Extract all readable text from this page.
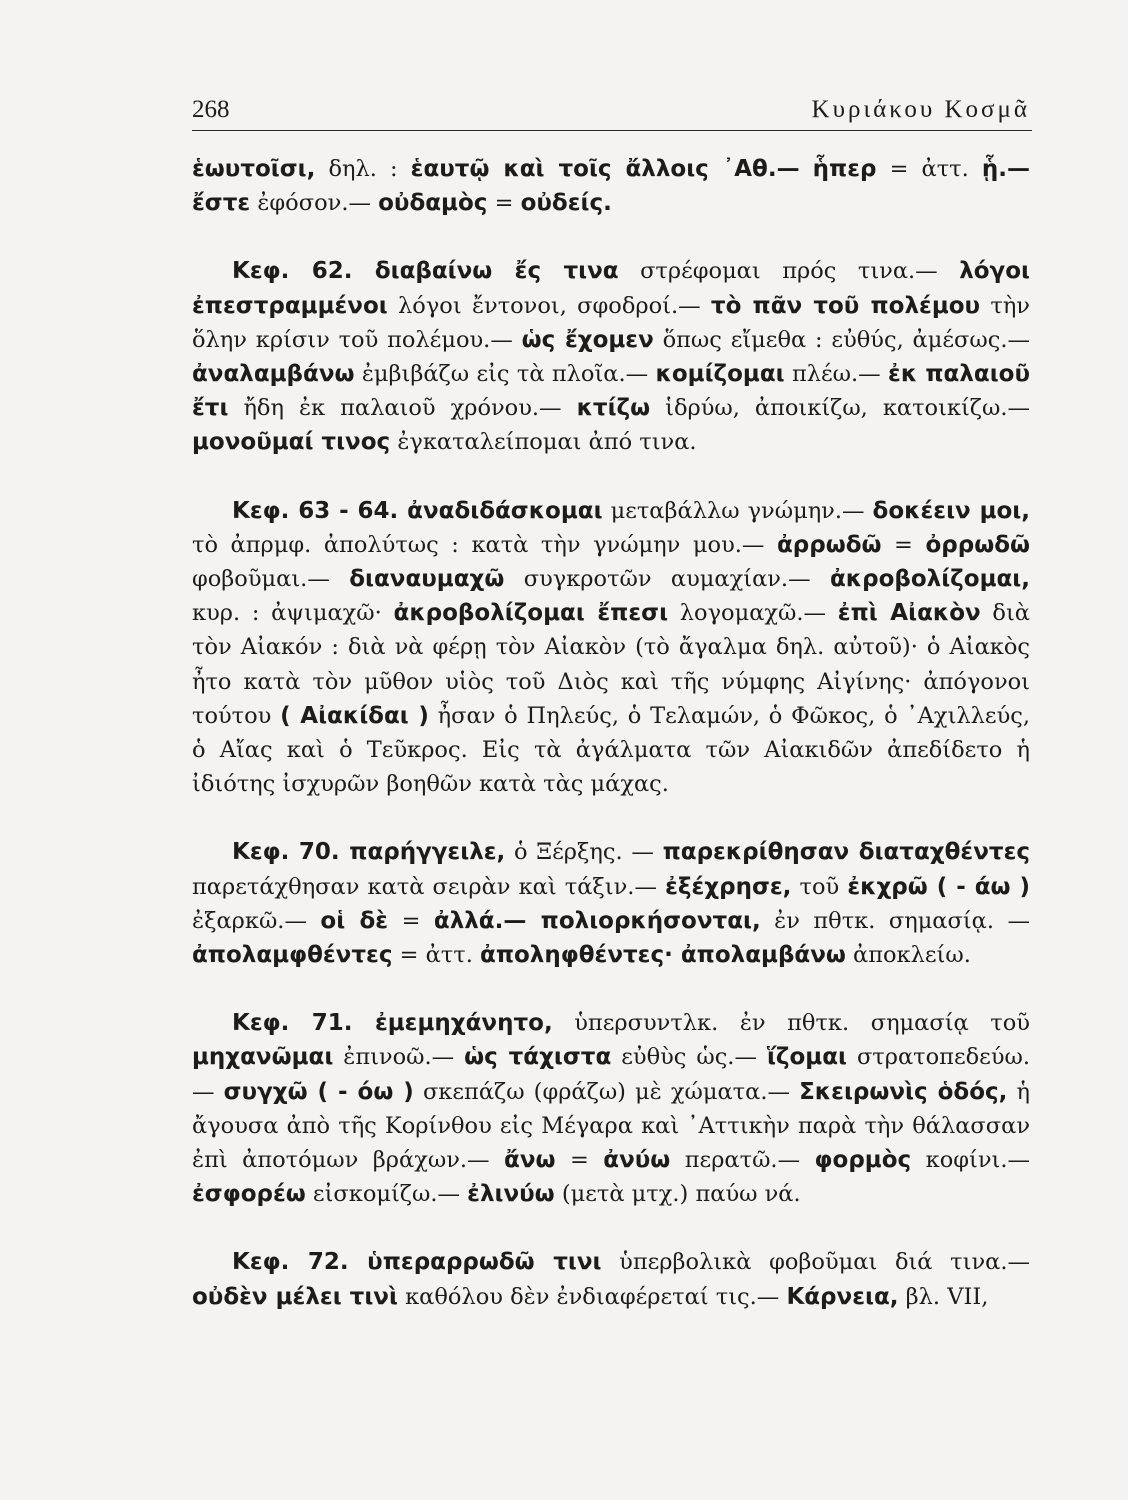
268	Κυριάκου Κοσμᾶ

ἑωυτοῖσι, δηλ. : ἑαυτῷ καὶ τοῖς ἄλλοις ᾿Αθ.— ἧπερ = ἀττ. ᾗ.— ἔστε ἐφόσον.— οὐδαμὸς = οὐδείς.

Κεφ. 62. διαβαίνω ἔς τινα στρέφομαι πρός τινα.— λόγοι ἐπεστραμμένοι λόγοι ἔντονοι, σφοδροί.— τὸ πᾶν τοῦ πολέμου τὴν ὅλην κρίσιν τοῦ πολέμου.— ὡς ἔχομεν ὅπως εἴμεθα : εὐθύς, ἀμέσως.— ἀναλαμβάνω ἐμβιβάζω εἰς τὰ πλοῖα.— κομίζομαι πλέω.— ἐκ παλαιοῦ ἔτι ἤδη ἐκ παλαιοῦ χρόνου.— κτίζω ἱδρύω, ἀποικίζω, κατοικίζω.— μονοῦμαί τινος ἐγκαταλείπομαι ἀπό τινα.

Κεφ. 63 - 64. ἀναδιδάσκομαι μεταβάλλω γνώμην.— δοκέειν μοι, τὸ ἀπρμφ. ἀπολύτως : κατὰ τὴν γνώμην μου.— ἀρρωδῶ = ὀρρωδῶ φοβοῦμαι.— διαναυμαχῶ συγκροτῶν αυμαχίαν.— ἀκροβολίζομαι, κυρ. : ἀψιμαχῶ· ἀκροβολίζομαι ἔπεσι λογομαχῶ.— ἐπὶ Αἰακὸν διὰ τὸν Αἰακόν : διὰ νὰ φέρῃ τὸν Αἰακὸν (τὸ ἄγαλμα δηλ. αὐτοῦ)· ὁ Αἰακὸς ἦτο κατὰ τὸν μῦθον υἱὸς τοῦ Διὸς καὶ τῆς νύμφης Αἰγίνης· ἀπόγονοι τούτου ( Αἰακίδαι ) ἦσαν ὁ Πηλεύς, ὁ Τελαμών, ὁ Φῶκος, ὁ ᾿Αχιλλεύς, ὁ Αἴας καὶ ὁ Τεῦκρος. Εἰς τὰ ἀγάλματα τῶν Αἰακιδῶν ἀπεδίδετο ἡ ἰδιότης ἰσχυρῶν βοηθῶν κατὰ τὰς μάχας.

Κεφ. 70. παρήγγειλε, ὁ Ξέρξης. — παρεκρίθησαν διαταχθέντες παρετάχθησαν κατὰ σειρὰν καὶ τάξιν.— ἐξέχρησε, τοῦ ἐκχρῶ ( - άω ) ἐξαρκῶ.— οἱ δὲ = ἀλλά.— πολιορκήσονται, ἐν πθτκ. σημασίᾳ. — ἀπολαμφθέντες = ἀττ. ἀποληφθέντες· ἀπολαμβάνω ἀποκλείω.

Κεφ. 71. ἐμεμηχάνητο, ὑπερσυντλκ. ἐν πθτκ. σημασίᾳ τοῦ μηχανῶμαι ἐπινοῶ.— ὡς τάχιστα εὐθὺς ὡς.— ἵζομαι στρατοπεδεύω.— συγχῶ ( - όω ) σκεπάζω (φράζω) μὲ χώματα.— Σκειρωνὶς ὁδός, ἡ ἄγουσα ἀπὸ τῆς Κορίνθου εἰς Μέγαρα καὶ ᾿Αττικὴν παρὰ τὴν θάλασσαν ἐπὶ ἀποτόμων βράχων.— ἄνω = ἀνύω περατῶ.— φορμὸς κοφίνι.— ἐσφορέω εἰσκομίζω.— ἐλινύω (μετὰ μτχ.) παύω νά.

Κεφ. 72. ὑπεραρρωδῶ τινι ὑπερβολικὰ φοβοῦμαι διά τινα.— οὐδὲν μέλει τινὶ καθόλου δὲν ἐνδιαφέρεταί τις.— Κάρνεια, βλ. VII,
